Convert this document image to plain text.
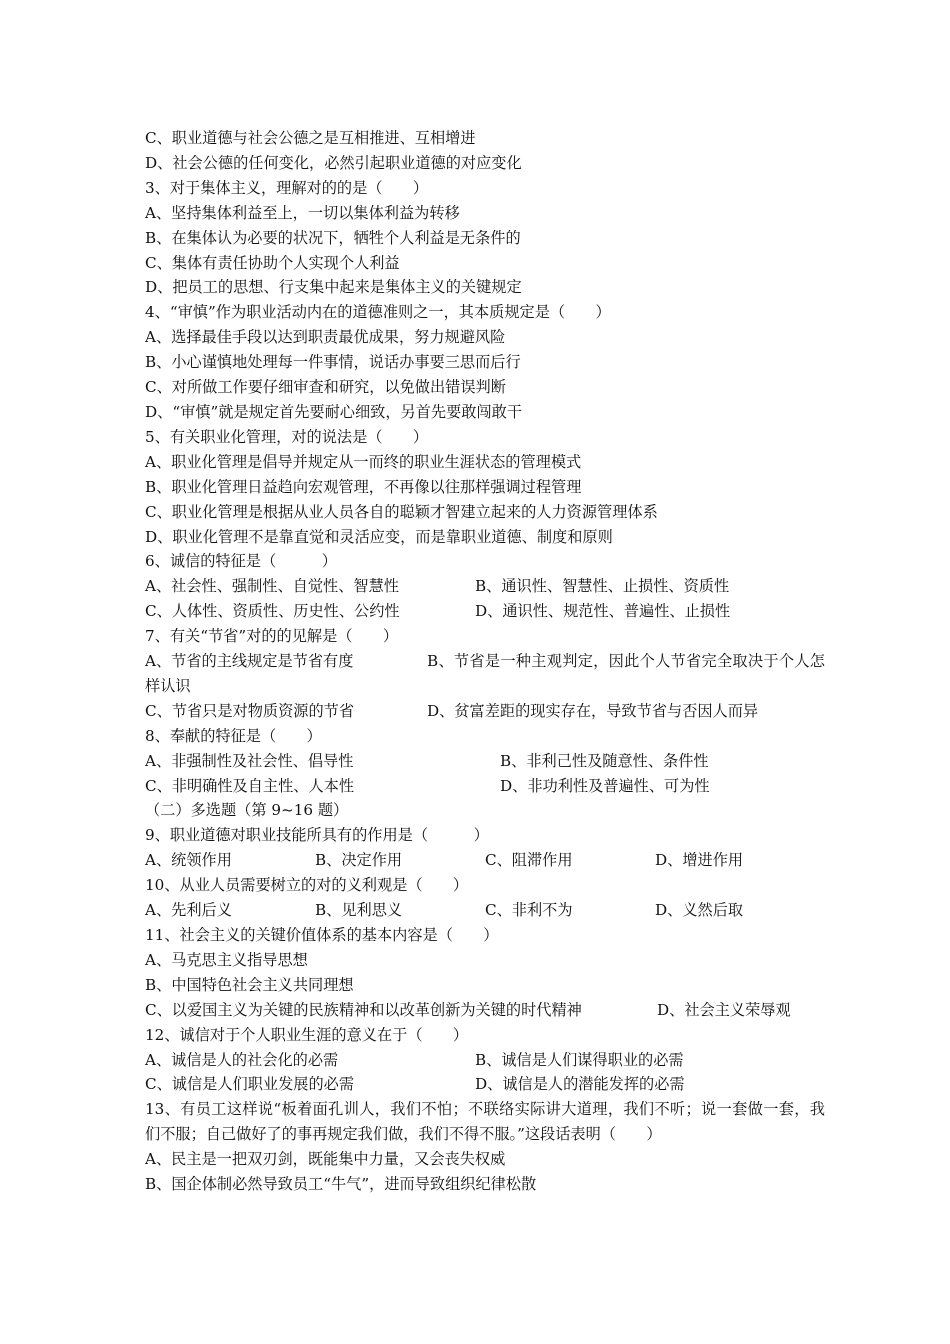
C、职业道德与社会公德之是互相推进、互相增进
D、社会公德的任何变化，必然引起职业道德的对应变化
3、对于集体主义，理解对的的是（　　）
A、坚持集体利益至上，一切以集体利益为转移
B、在集体认为必要的状况下，牺牲个人利益是无条件的
C、集体有责任协助个人实现个人利益
D、把员工的思想、行支集中起来是集体主义的关键规定
4、“审慎”作为职业活动内在的道德准则之一，其本质规定是（　　）
A、选择最佳手段以达到职责最优成果，努力规避风险
B、小心谨慎地处理每一件事情，说话办事要三思而后行
C、对所做工作要仔细审查和研究，以免做出错误判断
D、“审慎”就是规定首先要耐心细致，另首先要敢闯敢干
5、有关职业化管理，对的说法是（　　）
A、职业化管理是倡导并规定从一而终的职业生涯状态的管理模式
B、职业化管理日益趋向宏观管理，不再像以往那样强调过程管理
C、职业化管理是根据从业人员各自的聪颖才智建立起来的人力资源管理体系
D、职业化管理不是靠直觉和灵活应变，而是靠职业道德、制度和原则
6、诚信的特征是（　　　）
A、社会性、强制性、自觉性、智慧性	B、通识性、智慧性、止损性、资质性
C、人体性、资质性、历史性、公约性	D、通识性、规范性、普遍性、止损性
7、有关“节省”对的的见解是（　　）
A、节省的主线规定是节省有度	B、节省是一种主观判定，因此个人节省完全取决于个人怎样认识
C、节省只是对物质资源的节省	D、贫富差距的现实存在，导致节省与否因人而异
8、奉献的特征是（　　）
A、非强制性及社会性、倡导性	B、非利己性及随意性、条件性
C、非明确性及自主性、人本性	D、非功利性及普遍性、可为性
（二）多选题（第 9~16 题）
9、职业道德对职业技能所具有的作用是（　　　）
A、统领作用	B、决定作用	C、阻滞作用	D、增进作用
10、从业人员需要树立的对的义利观是（　　）
A、先利后义	B、见利思义	C、非利不为	D、义然后取
11、社会主义的关键价值体系的基本内容是（　　）
A、马克思主义指导思想
B、中国特色社会主义共同理想
C、以爱国主义为关键的民族精神和以改革创新为关键的时代精神	D、社会主义荣辱观
12、诚信对于个人职业生涯的意义在于（　　）
A、诚信是人的社会化的必需	B、诚信是人们谋得职业的必需
C、诚信是人们职业发展的必需	D、诚信是人的潜能发挥的必需
13、有员工这样说“板着面孔训人，我们不怕；不联络实际讲大道理，我们不听；说一套做一套，我们不服；自己做好了的事再规定我们做，我们不得不服。”这段话表明（　　）
A、民主是一把双刃剑，既能集中力量，又会丧失权威
B、国企体制必然导致员工“牛气”，进而导致组织纪律松散
